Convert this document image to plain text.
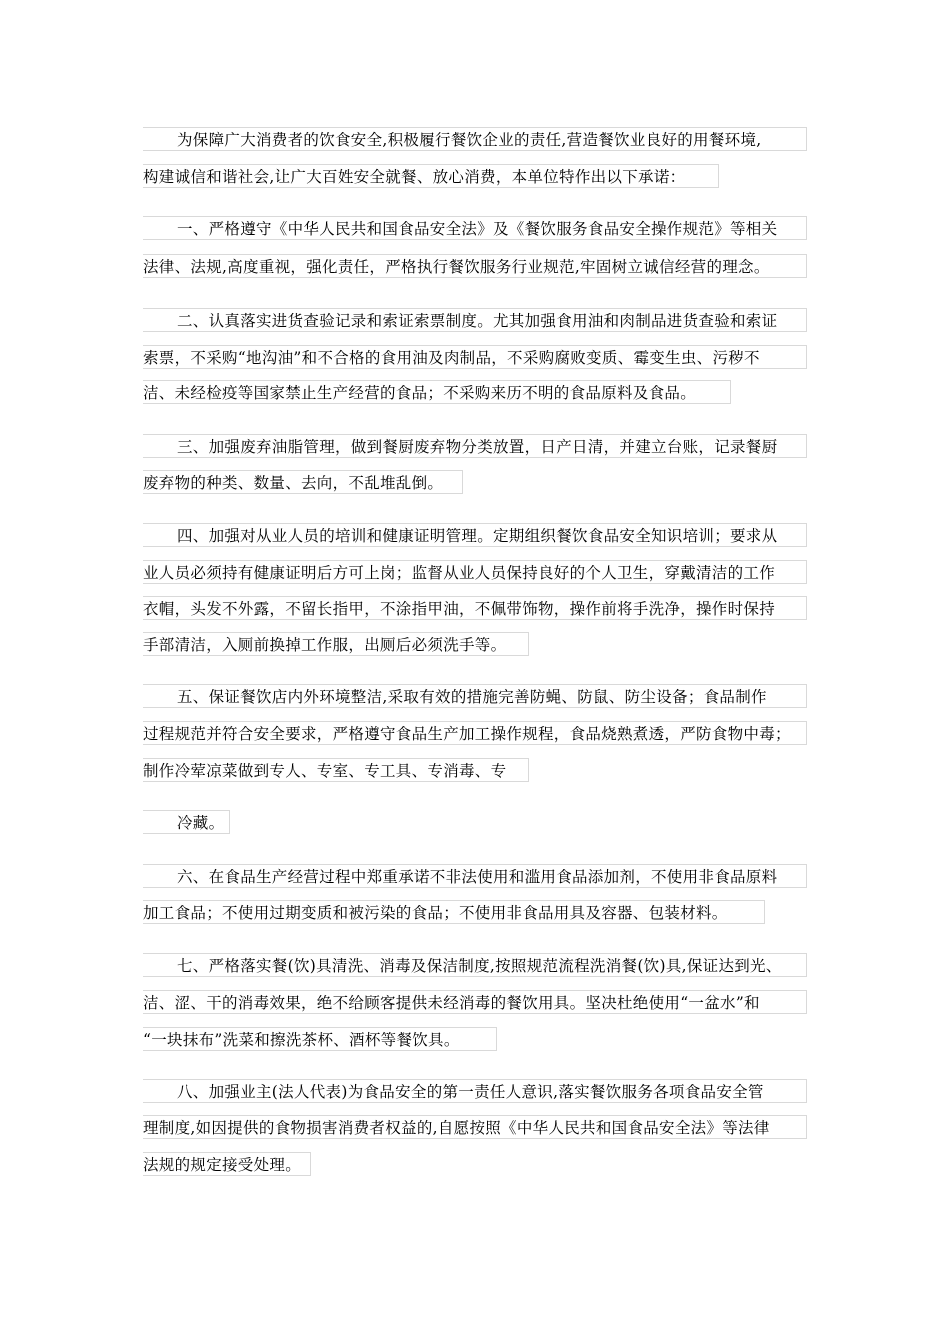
为保障广大消费者的饮食安全,积极履行餐饮企业的责任,营造餐饮业良好的用餐环境,
构建诚信和谐社会,让广大百姓安全就餐、放心消费，本单位特作出以下承诺：
一、严格遵守《中华人民共和国食品安全法》及《餐饮服务食品安全操作规范》等相关
法律、法规,高度重视，强化责任，严格执行餐饮服务行业规范,牢固树立诚信经营的理念。
二、认真落实进货查验记录和索证索票制度。尤其加强食用油和肉制品进货查验和索证
索票，不采购“地沟油”和不合格的食用油及肉制品，不采购腐败变质、霉变生虫、污秽不
洁、未经检疫等国家禁止生产经营的食品；不采购来历不明的食品原料及食品。
三、加强废弃油脂管理，做到餐厨废弃物分类放置，日产日清，并建立台账，记录餐厨
废弃物的种类、数量、去向，不乱堆乱倒。
四、加强对从业人员的培训和健康证明管理。定期组织餐饮食品安全知识培训；要求从
业人员必须持有健康证明后方可上岗；监督从业人员保持良好的个人卫生，穿戴清洁的工作
衣帽，头发不外露，不留长指甲，不涂指甲油，不佩带饰物，操作前将手洗净，操作时保持
手部清洁，入厕前换掉工作服，出厕后必须洗手等。
五、保证餐饮店内外环境整洁,采取有效的措施完善防蝇、防鼠、防尘设备；食品制作
过程规范并符合安全要求，严格遵守食品生产加工操作规程，食品烧熟煮透，严防食物中毒；
制作冷荤凉菜做到专人、专室、专工具、专消毒、专
冷藏。
六、在食品生产经营过程中郑重承诺不非法使用和滥用食品添加剂，不使用非食品原料
加工食品；不使用过期变质和被污染的食品；不使用非食品用具及容器、包装材料。
七、严格落实餐(饮)具清洗、消毒及保洁制度,按照规范流程洗消餐(饮)具,保证达到光、
洁、涩、干的消毒效果，绝不给顾客提供未经消毒的餐饮用具。坚决杜绝使用“一盆水”和
“一块抹布”洗菜和擦洗茶杯、酒杯等餐饮具。
八、加强业主(法人代表)为食品安全的第一责任人意识,落实餐饮服务各项食品安全管
理制度,如因提供的食物损害消费者权益的,自愿按照《中华人民共和国食品安全法》等法律
法规的规定接受处理。
